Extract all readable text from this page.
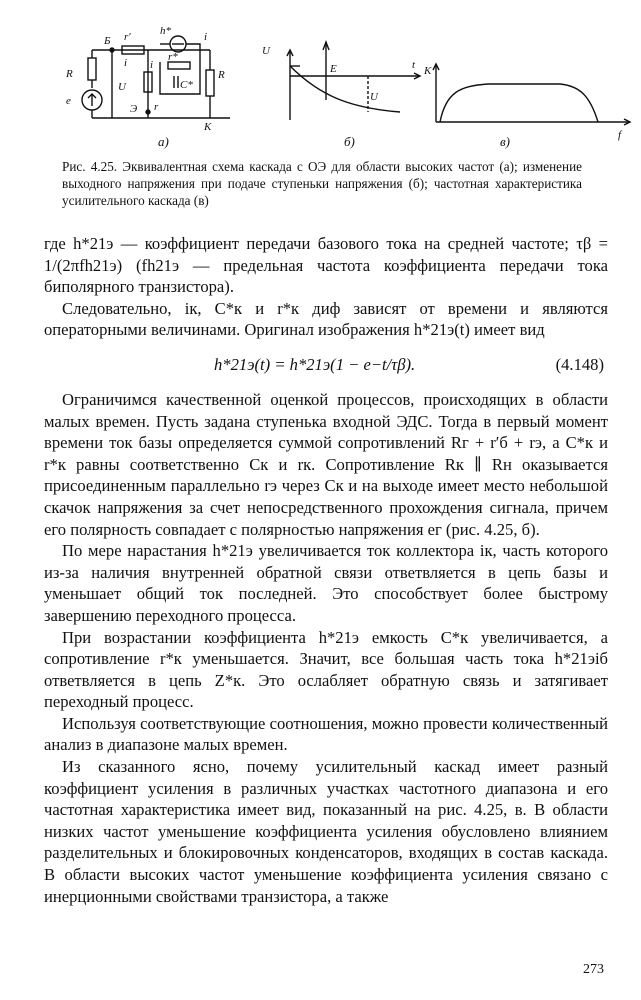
Б
R
e
U
r′	h*	i
i i
r*
C*
Э r
R
К
а)
U
E
U
t
б)
K
f
в)
Рис. 4.25. Эквивалентная схема каскада с ОЭ для области высоких частот (а); изменение выходного напряжения при подаче ступеньки напряжения (б); частотная характеристика усилительного каскада (в)

где h*21э — коэффициент передачи базового тока на средней частоте; τβ = 1/(2πfh21э) (fh21э — предельная частота коэффициента передачи тока биполярного транзистора).

Следовательно, iк, C*к и r*к диф зависят от времени и являются операторными величинами. Оригинал изображения h*21э(t) имеет вид

h*21э(t) = h*21э(1 − e−t/τβ).	(4.148)

Ограничимся качественной оценкой процессов, происходящих в области малых времен. Пусть задана ступенька входной ЭДС. Тогда в первый момент времени ток базы определяется суммой сопротивлений Rг + r′б + rэ, а C*к и r*к равны соответственно Cк и rк. Сопротивление Rк ∥ Rн оказывается присоединенным параллельно rэ через Cк и на выходе имеет место небольшой скачок напряжения за счет непосредственного прохождения сигнала, причем его полярность совпадает с полярностью напряжения eг (рис. 4.25, б).

По мере нарастания h*21э увеличивается ток коллектора iк, часть которого из-за наличия внутренней обратной связи ответвляется в цепь базы и уменьшает общий ток последней. Это способствует более быстрому завершению переходного процесса.

При возрастании коэффициента h*21э емкость C*к увеличивается, а сопротивление r*к уменьшается. Значит, все большая часть тока h*21эiб ответвляется в цепь Z*к. Это ослабляет обратную связь и затягивает переходный процесс.

Используя соответствующие соотношения, можно провести количественный анализ в диапазоне малых времен.

Из сказанного ясно, почему усилительный каскад имеет разный коэффициент усиления в различных участках частотного диапазона и его частотная характеристика имеет вид, показанный на рис. 4.25, в. В области низких частот уменьшение коэффициента усиления обусловлено влиянием разделительных и блокировочных конденсаторов, входящих в состав каскада. В области высоких частот уменьшение коэффициента усиления связано с инерционными свойствами транзистора, а также

273
